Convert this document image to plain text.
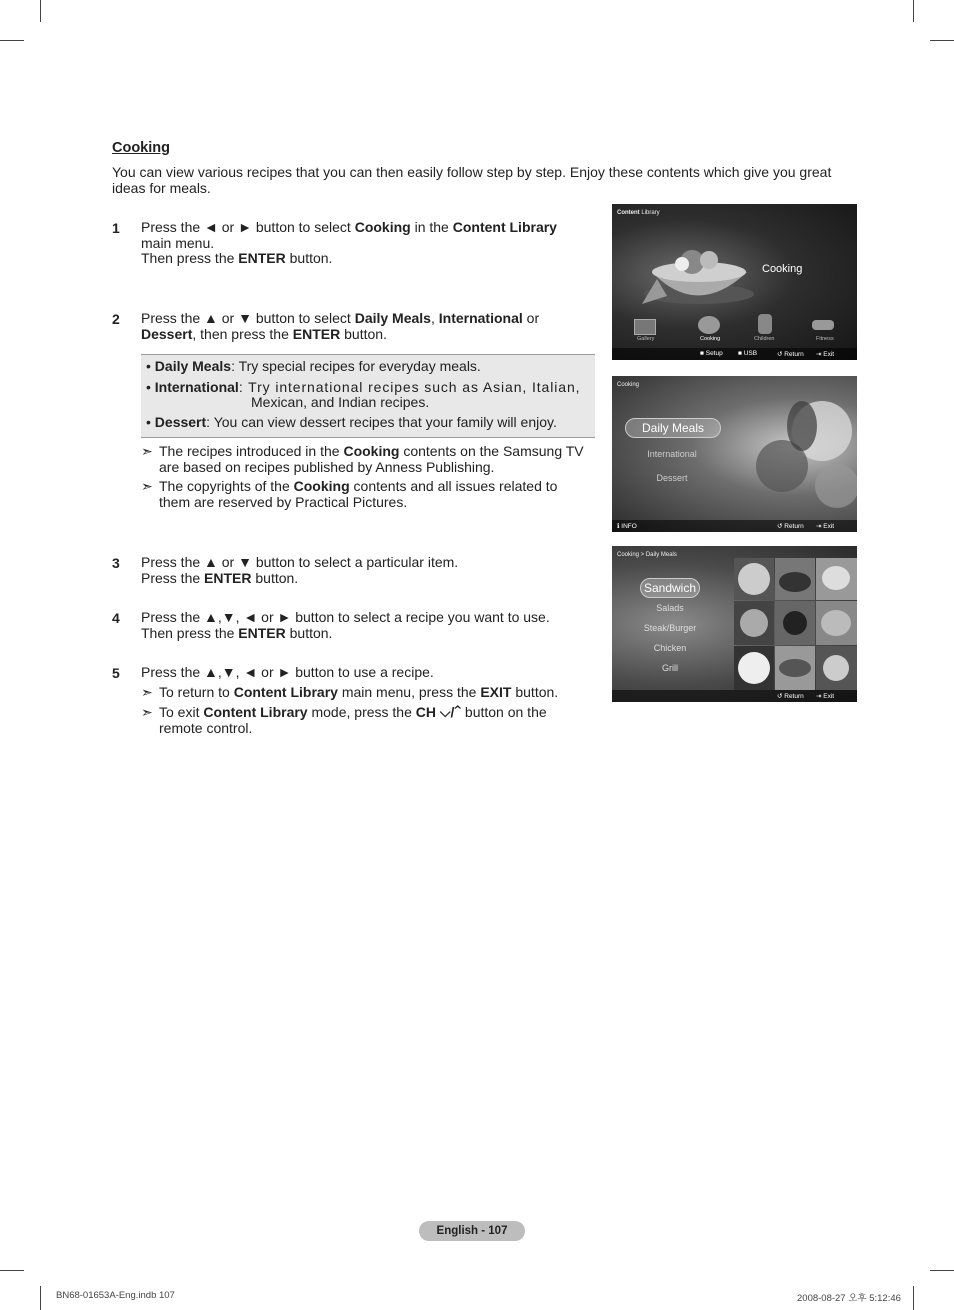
Cooking
You can view various recipes that you can then easily follow step by step. Enjoy these contents which give you great ideas for meals.
1 Press the ◄ or ► button to select Cooking in the Content Library
main menu.
Then press the ENTER button.
2 Press the ▲ or ▼ button to select Daily Meals, International or
Dessert, then press the ENTER button.
• Daily Meals: Try special recipes for everyday meals.
• International: Try international recipes such as Asian, Italian,
Mexican, and Indian recipes.
• Dessert: You can view dessert recipes that your family will enjoy.
➣ The recipes introduced in the Cooking contents on the Samsung TV
are based on recipes published by Anness Publishing.
➣ The copyrights of the Cooking contents and all issues related to
them are reserved by Practical Pictures.
3 Press the ▲ or ▼ button to select a particular item.
Press the ENTER button.
4 Press the ▲,▼, ◄ or ► button to select a recipe you want to use.
Then press the ENTER button.
5 Press the ▲,▼, ◄ or ► button to use a recipe.
➣ To return to Content Library main menu, press the EXIT button.
➣ To exit Content Library mode, press the CH ⌵/⌃ button on the
remote control.
Content Library
Cooking
Gallery	Cooking	Children	Fitness
■ Setup ■ USB	↺ Return ⇥ Exit
Cooking
Daily Meals
International
Dessert
ℹ INFO	↺ Return ⇥ Exit
Cooking > Daily Meals
Sandwich
Salads
Steak/Burger
Chicken
Grill
↺ Return ⇥ Exit
English - 107
BN68-01653A-Eng.indb 107	2008-08-27 오후 5:12:46
